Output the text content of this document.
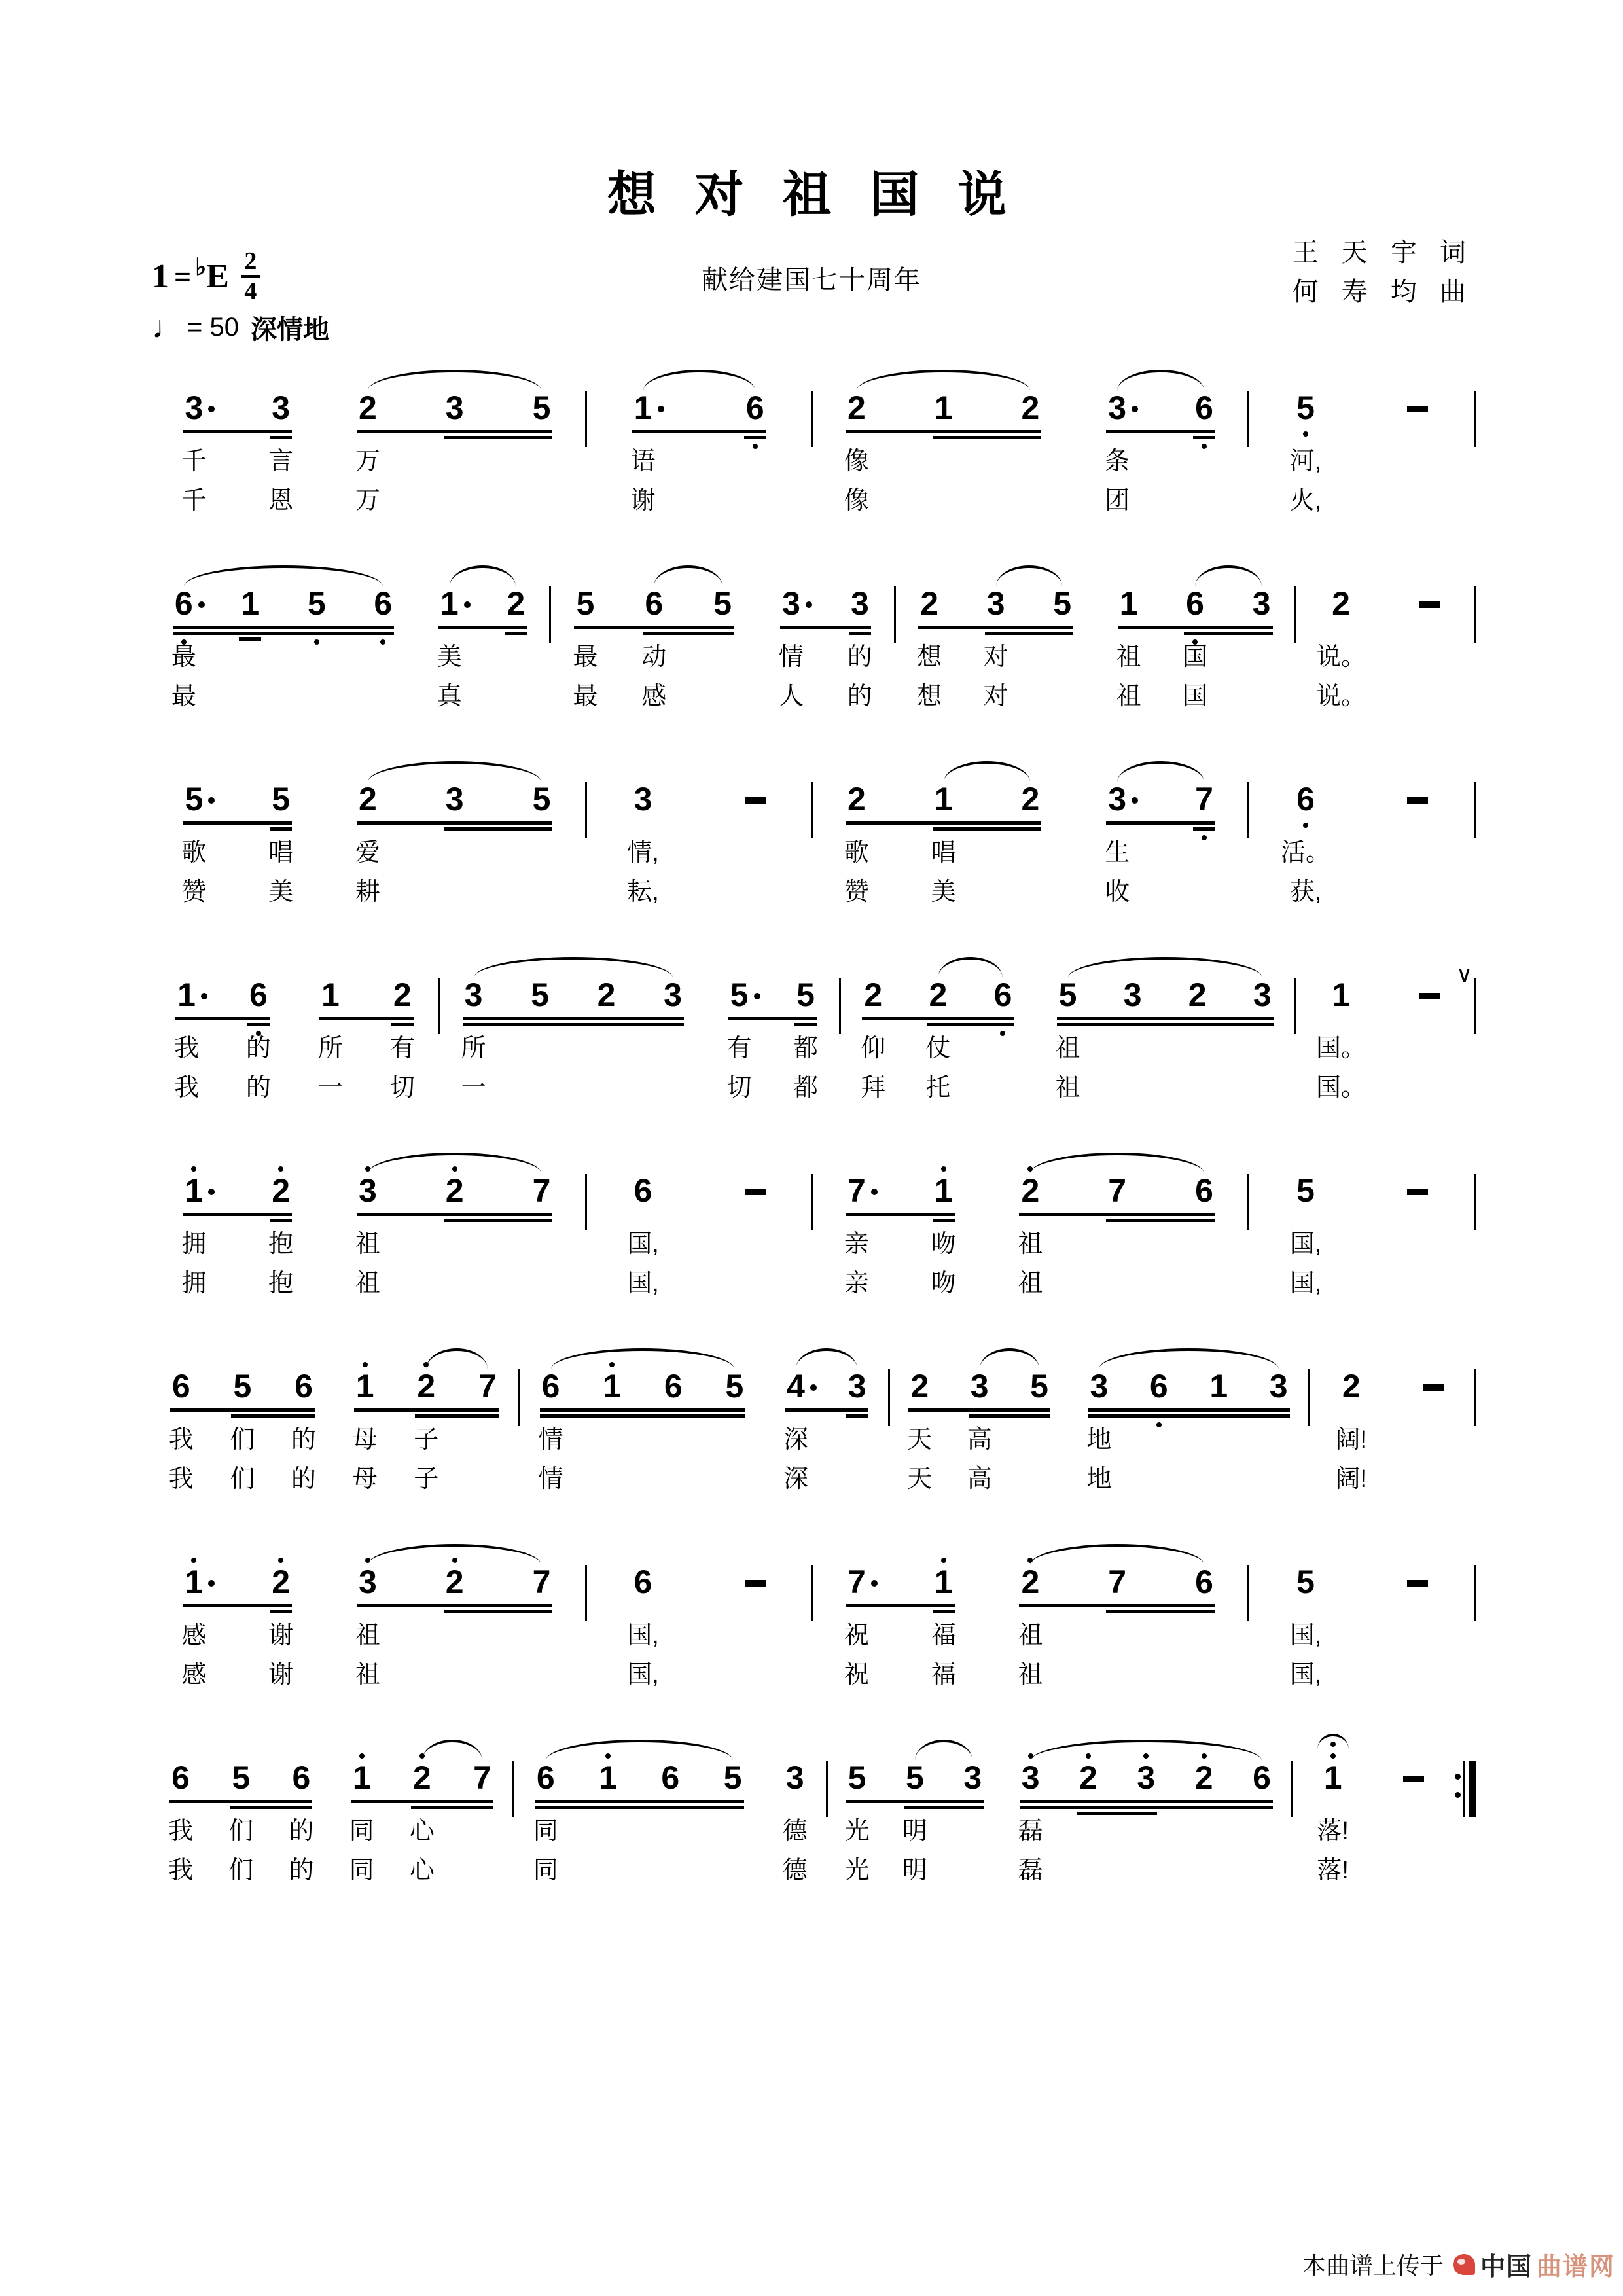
想 对 祖 国 说
献给建国七十周年
王 天 宇 词
何 寿 均 曲
1 = ♭ E $\frac{2}{4}$
♩ = 50 深情地
3 3 2 3 5
千 言 万
千 恩 万
1	6
语
谢
2 1 2 3 6
像	条
像	团
5
河,
火,
6 1 5 6 1 2
最	美
最	真
5 6 5 3 3
最 动	情 的
最 感	人 的
2 3 5 1 6 3
想 对	祖 国
想 对	祖 国
2
说。
说。
5 5 2 3 5
歌 唱 爱
赞 美 耕
3
情,
耘,
2 1 2 3 7
歌 唱	生
赞 美	收
6
活。
获,
1 6 1 2
我 的 所 有
我 的 一 切
3 5 2 3 5 5
所	有 都
一	切 都
2 2 6 5 3 2 3
仰 仗	祖
拜 托	祖
1
∨
国。
国。
1 2 3 2 7
拥 抱 祖
拥 抱 祖
6
国,
国,
7 1 2 7 6
亲 吻 祖
亲 吻 祖
5
国,
国,
6 5 6 1 2 7
我 们 的 母 子
我 们 的 母 子
6 1 6 5 4 3
情	深
情	深
2 3 5 3 6 1 3
天 高	地
天 高	地
2
阔!
阔!
1 2 3 2 7
感 谢 祖
感 谢 祖
6
国,
国,
7 1 2 7 6
祝 福 祖
祝 福 祖
5
国,
国,
6 5 6 1 2 7
我 们 的 同 心
我 们 的 同 心
6 1 6 5 3
同	德
同	德
5 5 3 3 2 3 2 6
光 明	磊
光 明	磊
1
落!
落!
本曲谱上传于 中国 曲谱网
